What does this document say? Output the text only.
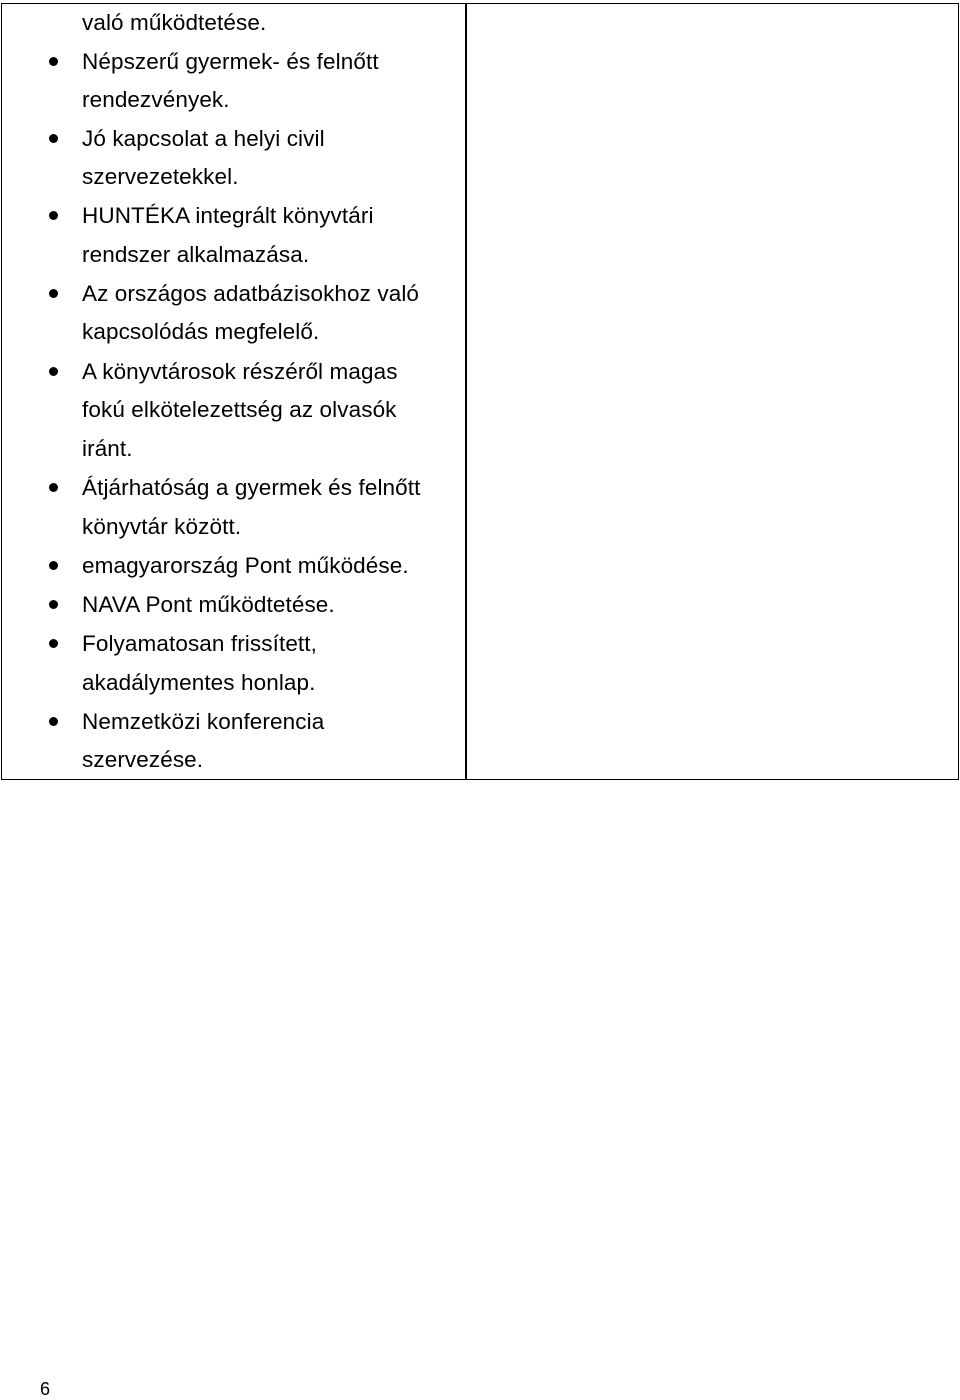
való működtetése.
Népszerű gyermek- és felnőtt
rendezvények.
Jó kapcsolat a helyi civil
szervezetekkel.
HUNTÉKA integrált könyvtári
rendszer alkalmazása.
Az országos adatbázisokhoz való
kapcsolódás megfelelő.
A könyvtárosok részéről magas
fokú elkötelezettség az olvasók
iránt.
Átjárhatóság a gyermek és felnőtt
könyvtár között.
emagyarország Pont működése.
NAVA Pont működtetése.
Folyamatosan frissített,
akadálymentes honlap.
Nemzetközi konferencia
szervezése.
6
